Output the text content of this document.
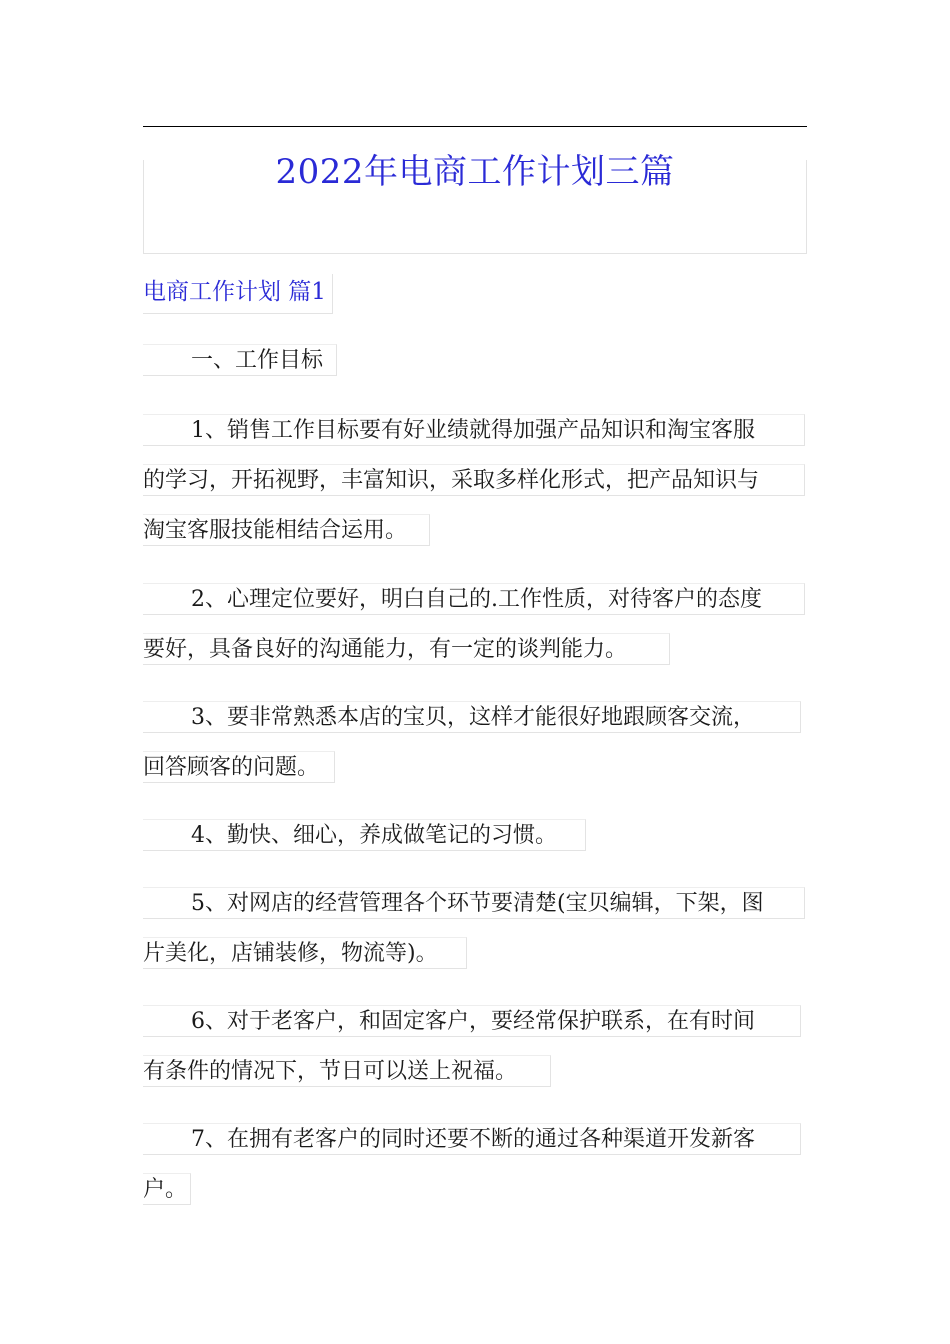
2022年电商工作计划三篇
电商工作计划 篇1
一、工作目标
1、销售工作目标要有好业绩就得加强产品知识和淘宝客服
的学习，开拓视野，丰富知识，采取多样化形式，把产品知识与
淘宝客服技能相结合运用。
2、心理定位要好，明白自己的.工作性质，对待客户的态度
要好，具备良好的沟通能力，有一定的谈判能力。
3、要非常熟悉本店的宝贝，这样才能很好地跟顾客交流，
回答顾客的问题。
4、勤快、细心，养成做笔记的习惯。
5、对网店的经营管理各个环节要清楚(宝贝编辑，下架，图
片美化，店铺装修，物流等)。
6、对于老客户，和固定客户，要经常保护联系，在有时间
有条件的情况下，节日可以送上祝福。
7、在拥有老客户的同时还要不断的通过各种渠道开发新客
户。
